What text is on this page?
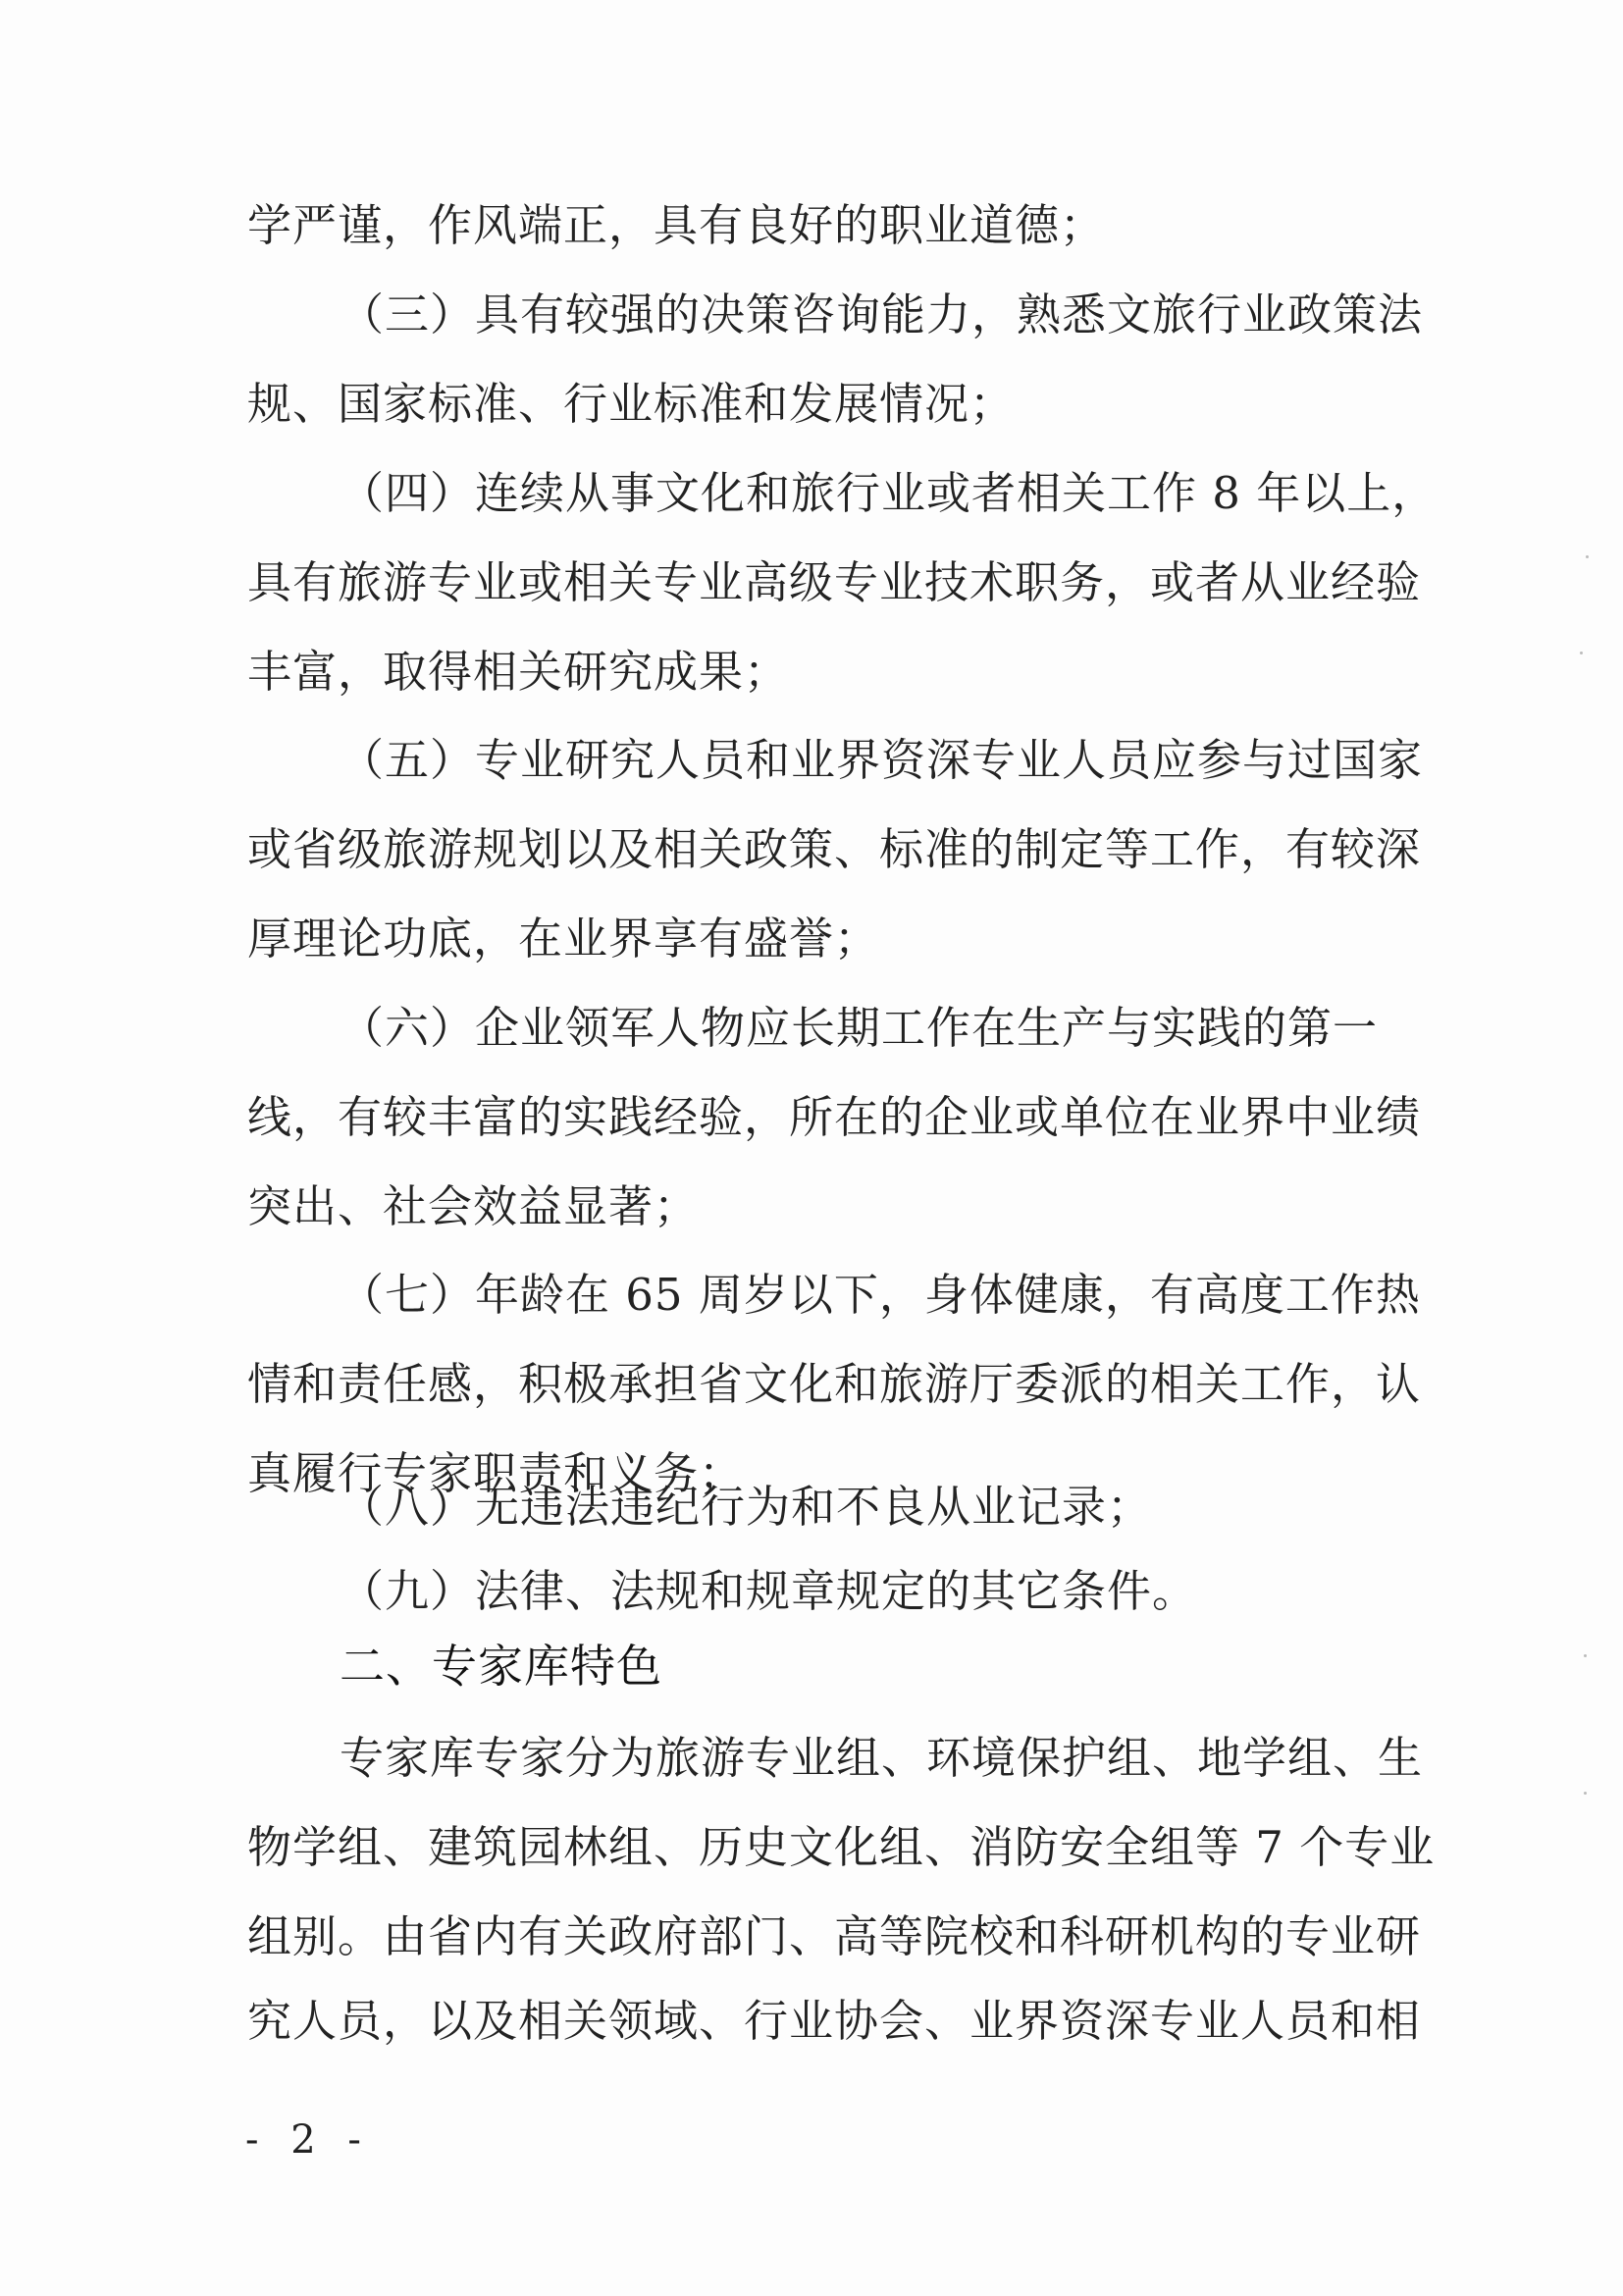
学严谨，作风端正，具有良好的职业道德；
（三）具有较强的决策咨询能力，熟悉文旅行业政策法
规、国家标准、行业标准和发展情况；
（四）连续从事文化和旅行业或者相关工作 8 年以上，
具有旅游专业或相关专业高级专业技术职务，或者从业经验
丰富，取得相关研究成果；
（五）专业研究人员和业界资深专业人员应参与过国家
或省级旅游规划以及相关政策、标准的制定等工作，有较深
厚理论功底，在业界享有盛誉；
（六）企业领军人物应长期工作在生产与实践的第一
线，有较丰富的实践经验，所在的企业或单位在业界中业绩
突出、社会效益显著；
（七）年龄在 65 周岁以下，身体健康，有高度工作热
情和责任感，积极承担省文化和旅游厅委派的相关工作，认
真履行专家职责和义务；
（八）无违法违纪行为和不良从业记录；
（九）法律、法规和规章规定的其它条件。
二、专家库特色
专家库专家分为旅游专业组、环境保护组、地学组、生
物学组、建筑园林组、历史文化组、消防安全组等 7 个专业
组别。由省内有关政府部门、高等院校和科研机构的专业研
究人员，以及相关领域、行业协会、业界资深专业人员和相
- 2 -
